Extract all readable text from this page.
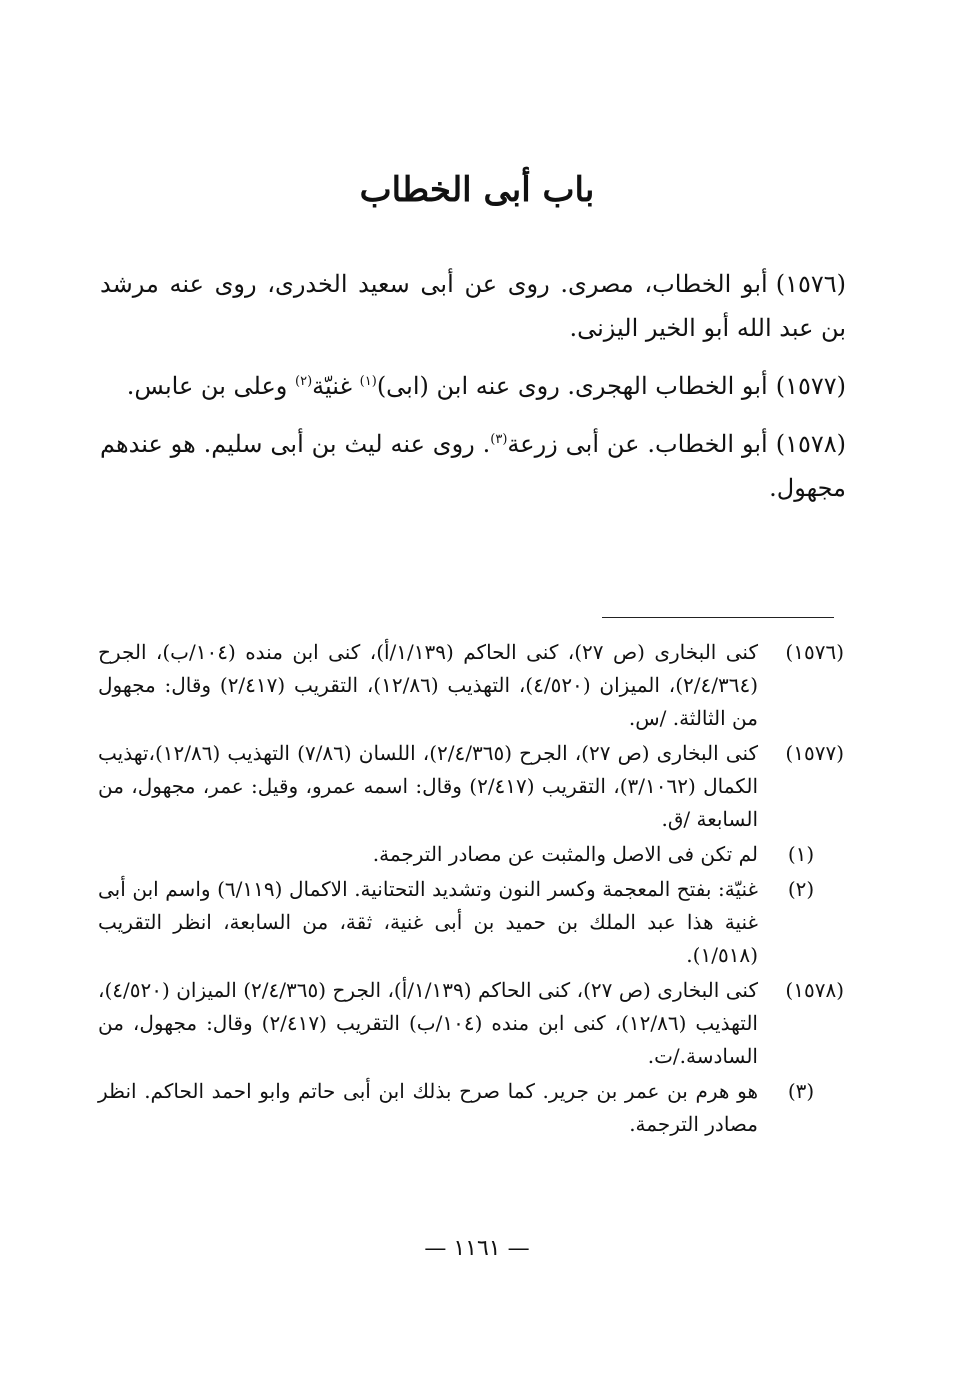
باب أبى الخطاب

(١٥٧٦)أبو الخطاب، مصرى. روى عن أبى سعيد الخدرى، روى عنه مرشد بن عبد الله أبو الخير اليزنى.

(١٥٧٧)أبو الخطاب الهجرى. روى عنه ابن (ابى)$^{(١)}$ غنيّة$^{(٢)}$ وعلى بن عابس.

(١٥٧٨)أبو الخطاب. عن أبى زرعة$^{(٣)}$. روى عنه ليث بن أبى سليم. هو عندهم مجهول.

(١٥٧٦)
كنى البخارى (ص ٢٧)، كنى الحاكم (١/١٣٩/أ)، كنى ابن منده (١٠٤/ب)، الجرح (٢/٤/٣٦٤)، الميزان (٤/٥٢٠)، التهذيب (١٢/٨٦)، التقريب (٢/٤١٧) وقال: مجهول من الثالثة. /س.
(١٥٧٧)
كنى البخارى (ص ٢٧)، الجرح (٢/٤/٣٦٥)، اللسان (٧/٨٦) التهذيب (١٢/٨٦)،تهذيب الكمال (٣/١٠٦٢)، التقريب (٢/٤١٧) وقال: اسمه عمرو، وقيل: عمر، مجهول، من السابعة /ق.
(١)
لم تكن فى الاصل والمثبت عن مصادر الترجمة.
(٢)
غنيّة: بفتح المعجمة وكسر النون وتشديد التحتانية. الاكمال (٦/١١٩) واسم ابن أبى غنية هذا عبد الملك بن حميد بن أبى غنية، ثقة، من السابعة، انظر التقريب (١/٥١٨).
(١٥٧٨)
كنى البخارى (ص ٢٧)، كنى الحاكم (١/١٣٩/أ)، الجرح (٢/٤/٣٦٥) الميزان (٤/٥٢٠)، التهذيب (١٢/٨٦)، كنى ابن منده (١٠٤/ب) التقريب (٢/٤١٧) وقال: مجهول، من السادسة./ت.
(٣)
هو هرم بن عمر بن جرير. كما صرح بذلك ابن أبى حاتم وابو احمد الحاكم. انظر مصادر الترجمة.
— ١١٦١ —
